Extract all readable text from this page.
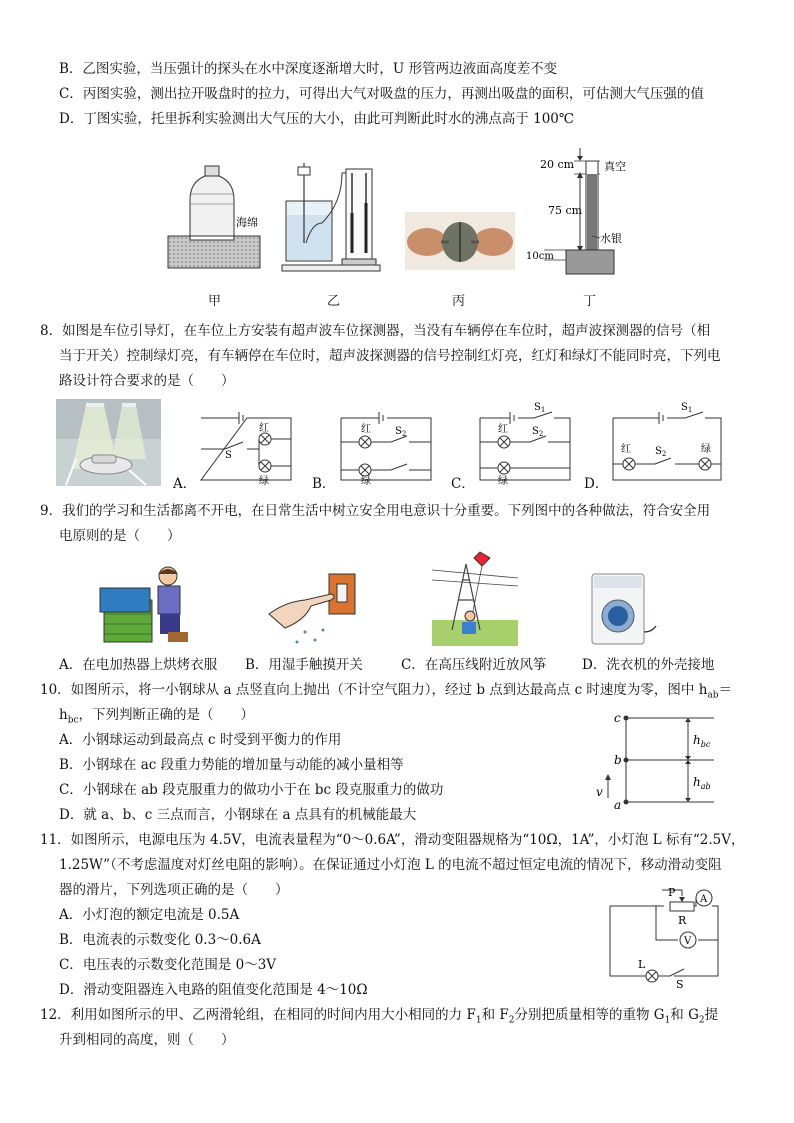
B．乙图实验，当压强计的探头在水中深度逐渐增大时，U 形管两边液面高度差不变
C．丙图实验，测出拉开吸盘时的拉力，可得出大气对吸盘的压力，再测出吸盘的面积，可估测大气压强的值
D．丁图实验，托里拆利实验测出大气压的大小，由此可判断此时水的沸点高于 100℃
海绵
20 cm	真空
75 cm
水银
10cm
甲	乙	丙	丁
8．如图是车位引导灯，在车位上方安装有超声波车位探测器，当没有车辆停在车位时，超声波探测器的信号（相
当于开关）控制绿灯亮，有车辆停在车位时，超声波探测器的信号控制红灯亮，红灯和绿灯不能同时亮，下列电
路设计符合要求的是（　　）
A．	B．	C．	D．
红
绿
S
红
绿
$S_2$
$S_1$
红
绿
$S_2$
$S_1$
红	绿
$S_2$
9．我们的学习和生活都离不开电，在日常生活中树立安全用电意识十分重要。下列图中的各种做法，符合安全用
电原则的是（　　）
A．在电加热器上烘烤衣服 B．用湿手触摸开关	C．在高压线附近放风筝	D．洗衣机的外壳接地
10．如图所示，将一小钢球从 a 点竖直向上抛出（不计空气阻力），经过 b 点到达最高点 c 时速度为零，图中 $h_{ab}=$
$h_{bc}$，下列判断正确的是（　　）
A．小钢球运动到最高点 c 时受到平衡力的作用
B．小钢球在 ac 段重力势能的增加量与动能的减小量相等
C．小钢球在 ab 段克服重力的做功小于在 bc 段克服重力的做功
D．就 a、b、c 三点而言，小钢球在 a 点具有的机械能最大
c
b
a
v
$h_{bc}$
$h_{ab}$
11．如图所示，电源电压为 4.5V，电流表量程为“0～0.6A”，滑动变阻器规格为“10Ω，1A”，小灯泡 L 标有“2.5V，
1.25W”（不考虑温度对灯丝电阻的影响）。在保证通过小灯泡 L 的电流不超过恒定电流的情况下，移动滑动变阻
器的滑片，下列选项正确的是（　　）
A．小灯泡的额定电流是 0.5A
B．电流表的示数变化 0.3～0.6A
C．电压表的示数变化范围是 0～3V
D．滑动变阻器连入电路的阻值变化范围是 4～10Ω
P
R
A
V
L
S
12．利用如图所示的甲、乙两滑轮组，在相同的时间内用大小相同的力 $F_1$和 $F_2$分别把质量相等的重物 $G_1$和 $G_2$提
升到相同的高度，则（　　）
